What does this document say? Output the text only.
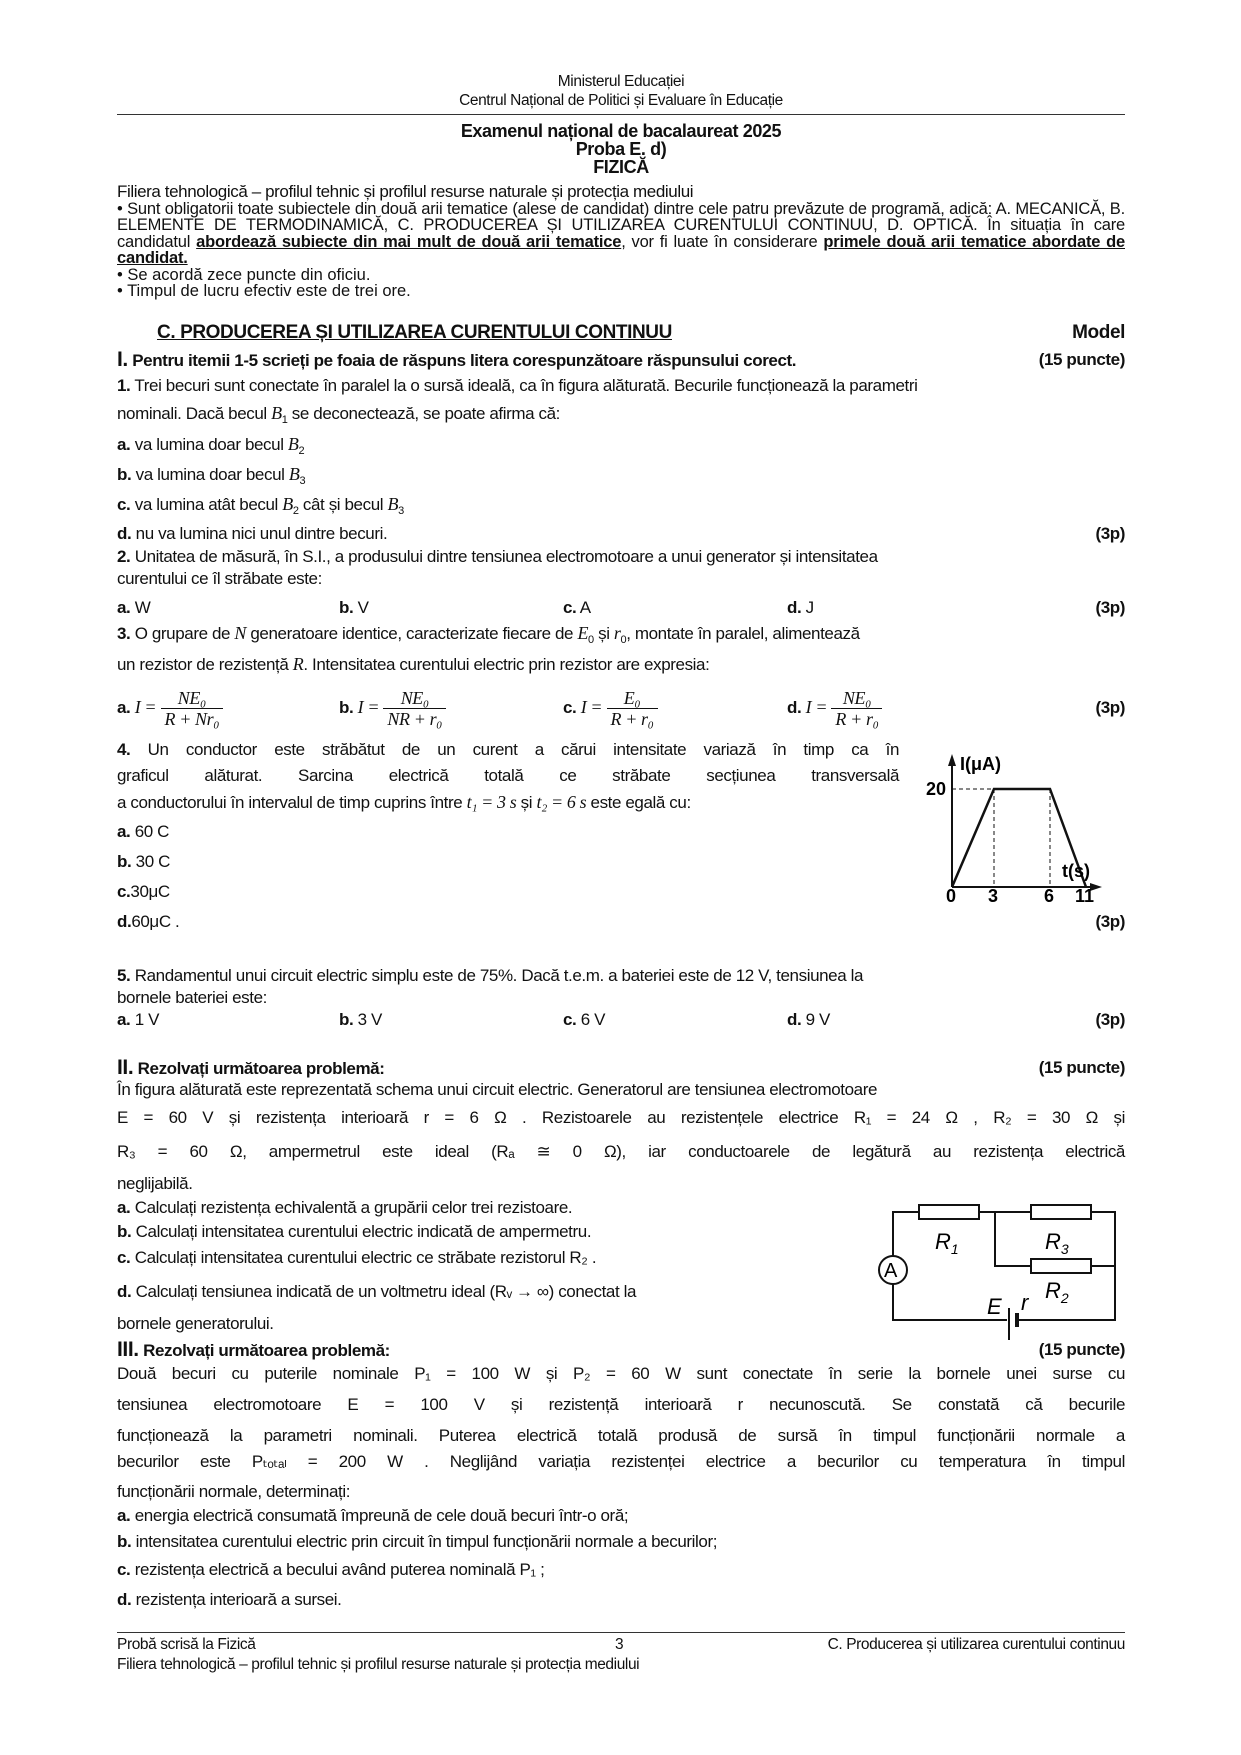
Ministerul Educației
Centrul Național de Politici și Evaluare în Educație
Examenul național de bacalaureat 2025
Proba E. d)
FIZICĂ

Filiera tehnologică – profilul tehnic și profilul resurse naturale și protecția mediului

• Sunt obligatorii toate subiectele din două arii tematice (alese de candidat) dintre cele patru prevăzute de programă, adică: A. MECANICĂ, B. ELEMENTE DE TERMODINAMICĂ, C. PRODUCEREA ȘI UTILIZAREA CURENTULUI CONTINUU, D. OPTICĂ. În situația în care candidatul abordează subiecte din mai mult de două arii tematice, vor fi luate în considerare primele două arii tematice abordate de candidat.

• Se acordă zece puncte din oficiu.

• Timpul de lucru efectiv este de trei ore.

C. PRODUCEREA ȘI UTILIZAREA CURENTULUI CONTINUU	Model
I. Pentru itemii 1-5 scrieți pe foaia de răspuns litera corespunzătoare răspunsului corect.	(15 puncte)
1. Trei becuri sunt conectate în paralel la o sursă ideală, ca în figura alăturată. Becurile funcționează la parametri
nominali. Dacă becul $B_1$ se deconectează, se poate afirma că:
a. va lumina doar becul $B_2$
b. va lumina doar becul $B_3$
c. va lumina atât becul $B_2$ cât și becul $B_3$
d. nu va lumina nici unul dintre becuri.	(3p)
2. Unitatea de măsură, în S.I., a produsului dintre tensiunea electromotoare a unui generator și intensitatea
curentului ce îl străbate este:
a. W	b. V	c. A	d. J	(3p)
3. O grupare de N generatoare identice, caracterizate fiecare de $E_0$ și $r_0$, montate în paralel, alimentează
un rezistor de rezistență R. Intensitatea curentului electric prin rezistor are expresia:
a. $I = \frac{\text{NE₀}}{\text{R + Nr₀}}$	b. $I = \frac{\text{NE₀}}{\text{NR + r₀}}$	c. $I = \frac{\text{E₀}}{\text{R + r₀}}$	d. $I = \frac{\text{NE₀}}{\text{R + r₀}}$	(3p)
4. Un conductor este străbătut de un curent a cărui intensitate variază în timp ca în
graficul alăturat. Sarcina electrică totală ce străbate secțiunea transversală
a conductorului în intervalul de timp cuprins între t₁ = 3 s și t₂ = 6 s este egală cu:
a. 60 C
b. 30 C
c.30μC
d.60μC .	(3p)
I(μA)
20
t(s)
0 3	6 11
5. Randamentul unui circuit electric simplu este de 75%. Dacă t.e.m. a bateriei este de 12 V, tensiunea la
bornele bateriei este:
a. 1 V	b. 3 V	c. 6 V	d. 9 V	(3p)
II. Rezolvați următoarea problemă:	(15 puncte)
În figura alăturată este reprezentată schema unui circuit electric. Generatorul are tensiunea electromotoare
E = 60 V și rezistența interioară r = 6 Ω . Rezistoarele au rezistențele electrice R₁ = 24 Ω , R₂ = 30 Ω și
R₃ = 60 Ω, ampermetrul este ideal (Rₐ ≅ 0 Ω), iar conductoarele de legătură au rezistența electrică
neglijabilă.
a. Calculați rezistența echivalentă a grupării celor trei rezistoare.
b. Calculați intensitatea curentului electric indicată de ampermetru.
c. Calculați intensitatea curentului electric ce străbate rezistorul R₂ .
d. Calculați tensiunea indicată de un voltmetru ideal (Rᵥ → ∞) conectat la
bornele generatorului.
A
$R_1$	$R_3$
$R_2$
E r
III. Rezolvați următoarea problemă:	(15 puncte)
Două becuri cu puterile nominale P₁ = 100 W și P₂ = 60 W sunt conectate în serie la bornele unei surse cu
tensiunea electromotoare E = 100 V și rezistență interioară r necunoscută. Se constată că becurile
funcționează la parametri nominali. Puterea electrică totală produsă de sursă în timpul funcționării normale a
becurilor este Pₜₒₜₐₗ = 200 W . Neglijând variația rezistenței electrice a becurilor cu temperatura în timpul
funcționării normale, determinați:
a. energia electrică consumată împreună de cele două becuri într-o oră;
b. intensitatea curentului electric prin circuit în timpul funcționării normale a becurilor;
c. rezistența electrică a becului având puterea nominală P₁ ;
d. rezistența interioară a sursei.
Probă scrisă la Fizică	3	C. Producerea și utilizarea curentului continuu
Filiera tehnologică – profilul tehnic și profilul resurse naturale și protecția mediului
